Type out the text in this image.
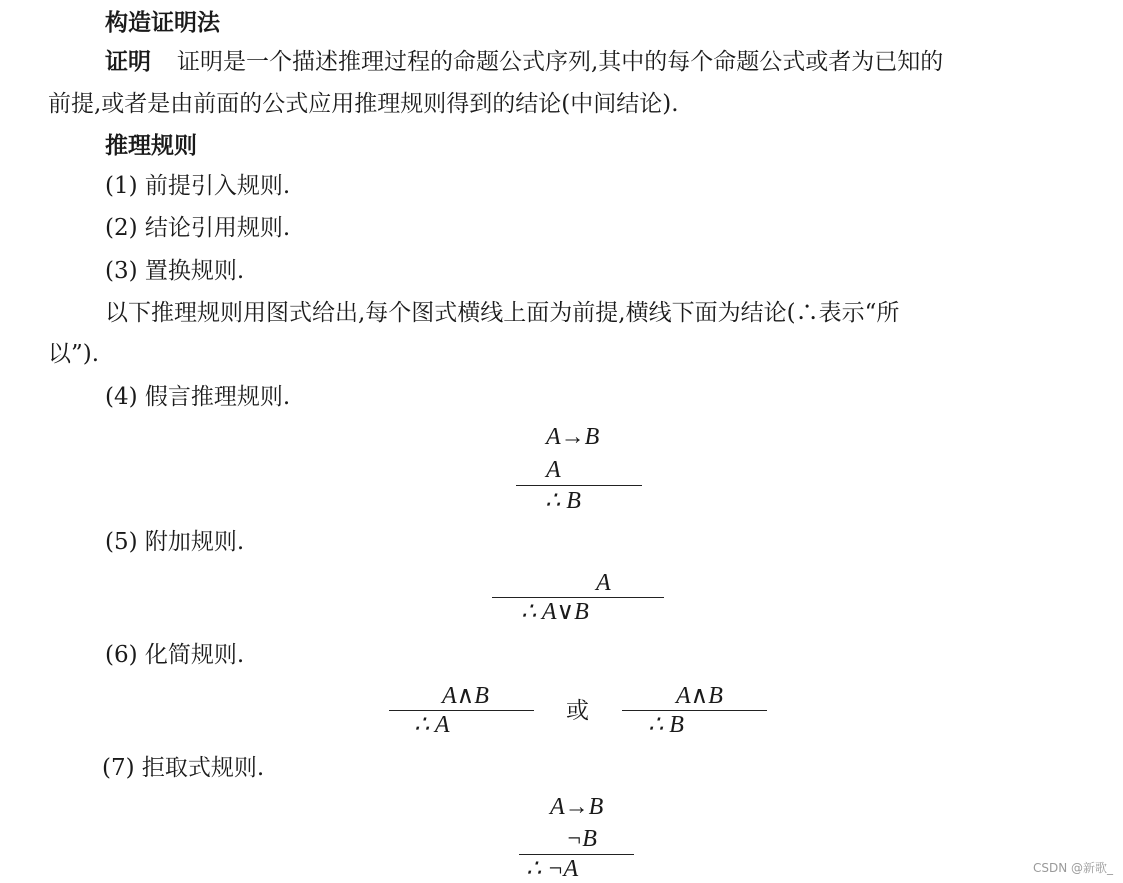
构造证明法
证明 证明是一个描述推理过程的命题公式序列,其中的每个命题公式或者为已知的
前提,或者是由前面的公式应用推理规则得到的结论(中间结论).
推理规则
(1) 前提引入规则.
(2) 结论引用规则.
(3) 置换规则.
以下推理规则用图式给出,每个图式横线上面为前提,横线下面为结论(∴表示“所
以”).
(4) 假言推理规则.
A→B
A
∴ B
(5) 附加规则.
A
∴ A∨B
(6) 化简规则.
A∧B
∴ A
或
A∧B
∴ B
(7) 拒取式规则.
A→B
¬B
∴ ¬A	CSDN @新歌_
